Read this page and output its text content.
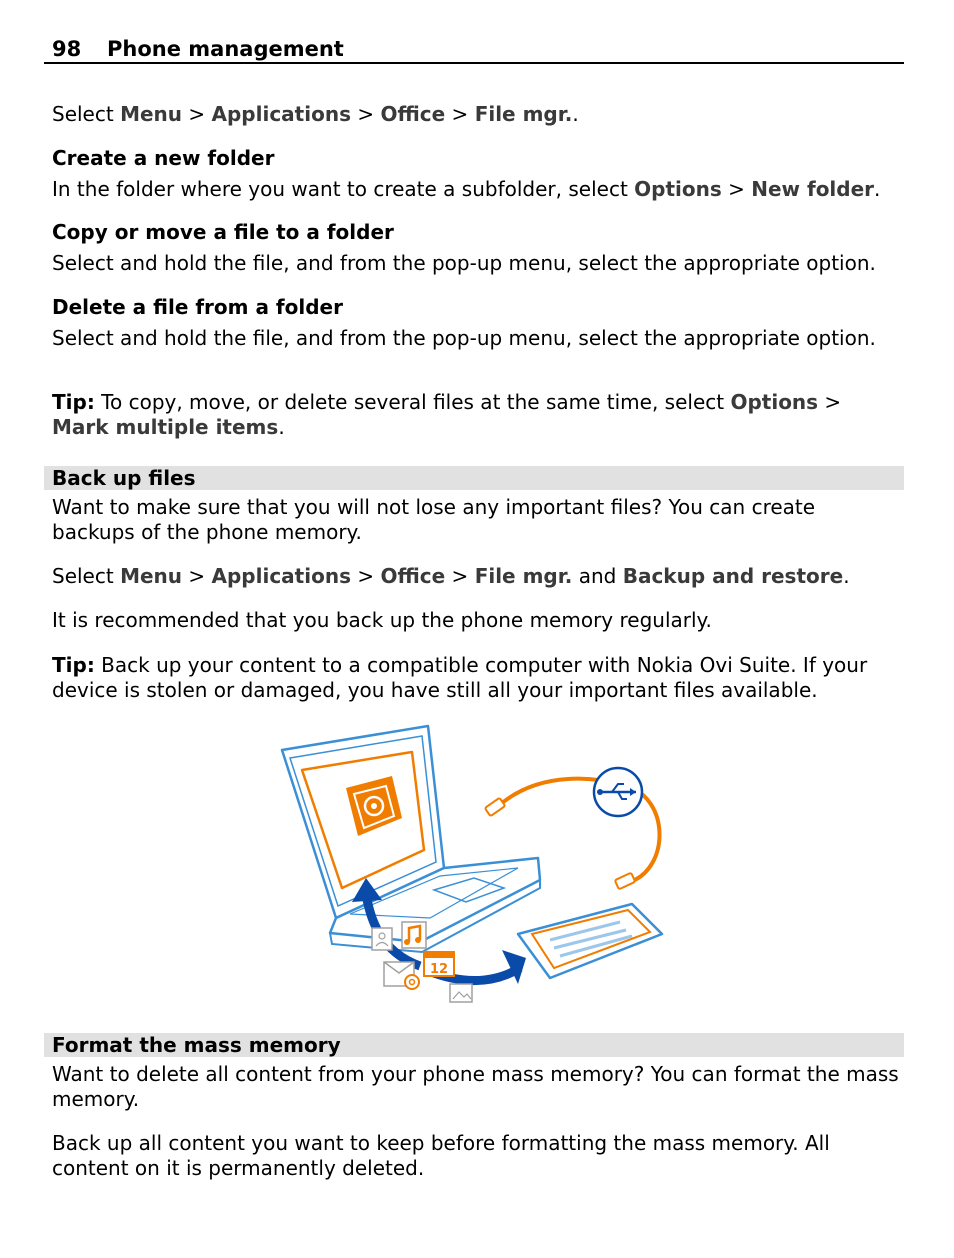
98 Phone management
Select Menu > Applications > Office > File mgr..
Create a new folder
In the folder where you want to create a subfolder, select Options > New folder.
Copy or move a file to a folder
Select and hold the file, and from the pop-up menu, select the appropriate option.
Delete a file from a folder
Select and hold the file, and from the pop-up menu, select the appropriate option.
Tip: To copy, move, or delete several files at the same time, select Options > Mark multiple items.
Back up files
Want to make sure that you will not lose any important files? You can create backups of the phone memory.
Select Menu > Applications > Office > File mgr. and Backup and restore.
It is recommended that you back up the phone memory regularly.
Tip: Back up your content to a compatible computer with Nokia Ovi Suite. If your device is stolen or damaged, you have still all your important files available.
12
Format the mass memory
Want to delete all content from your phone mass memory? You can format the mass memory.
Back up all content you want to keep before formatting the mass memory. All content on it is permanently deleted.
